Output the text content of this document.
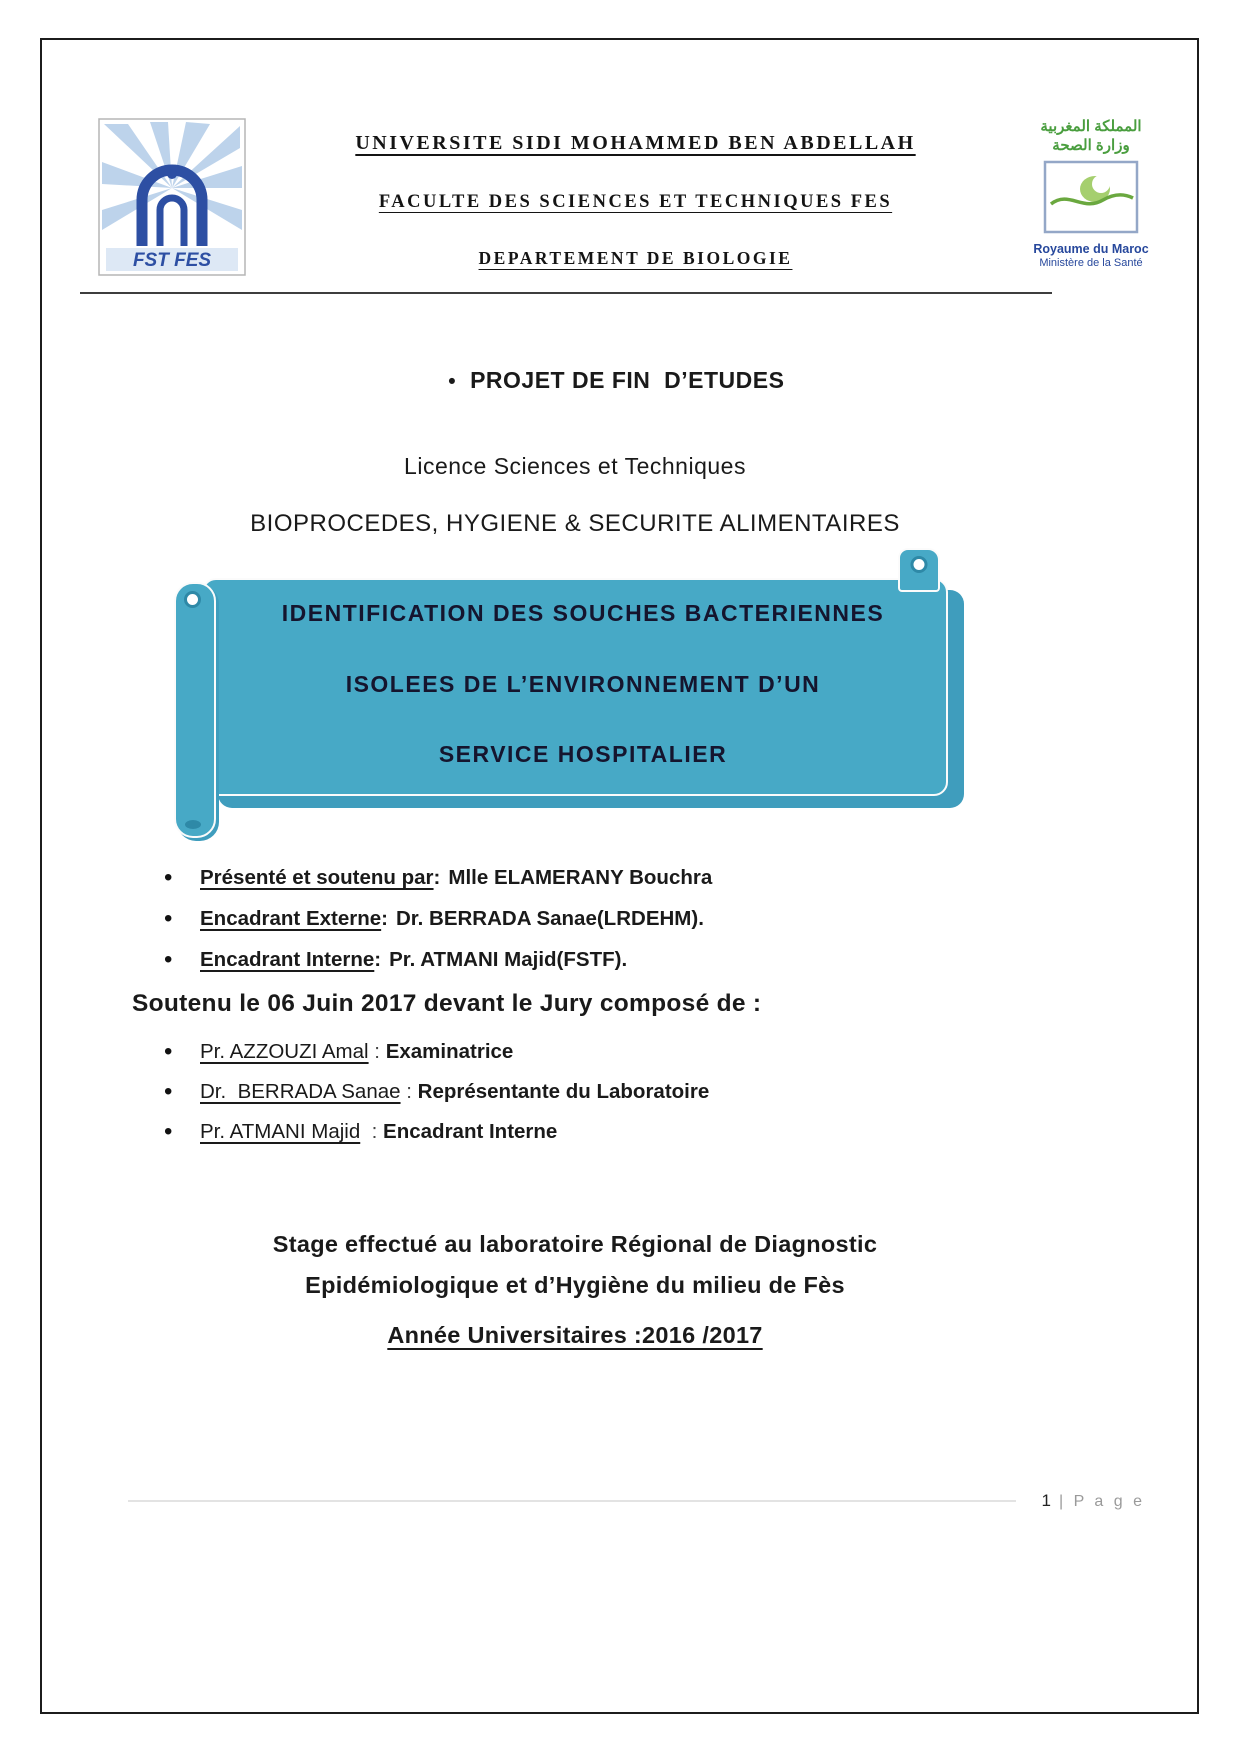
FST FES
UNIVERSITE SIDI MOHAMMED BEN ABDELLAH
FACULTE DES SCIENCES ET TECHNIQUES FES
DEPARTEMENT DE BIOLOGIE
المملكة المغربية
وزارة الصحة
Royaume du Maroc
Ministère de la Santé

• PROJET DE FIN  D’ETUDES

Licence Sciences et Techniques
BIOPROCEDES, HYGIENE & SECURITE ALIMENTAIRES
IDENTIFICATION DES SOUCHES BACTERIENNES
ISOLEES DE L’ENVIRONNEMENT D’UN
SERVICE HOSPITALIER
• Présenté et soutenu par: Mlle ELAMERANY Bouchra
• Encadrant Externe: Dr. BERRADA Sanae(LRDEHM).
• Encadrant Interne: Pr. ATMANI Majid(FSTF).
Soutenu le 06 Juin 2017 devant le Jury composé de :
• Pr. AZZOUZI Amal : Examinatrice
• Dr.  BERRADA Sanae : Représentante du Laboratoire
• Pr. ATMANI Majid  : Encadrant Interne
Stage effectué au laboratoire Régional de Diagnostic
Epidémiologique et d’Hygiène du milieu de Fès
Année Universitaires :2016 /2017
1 | P a g e
